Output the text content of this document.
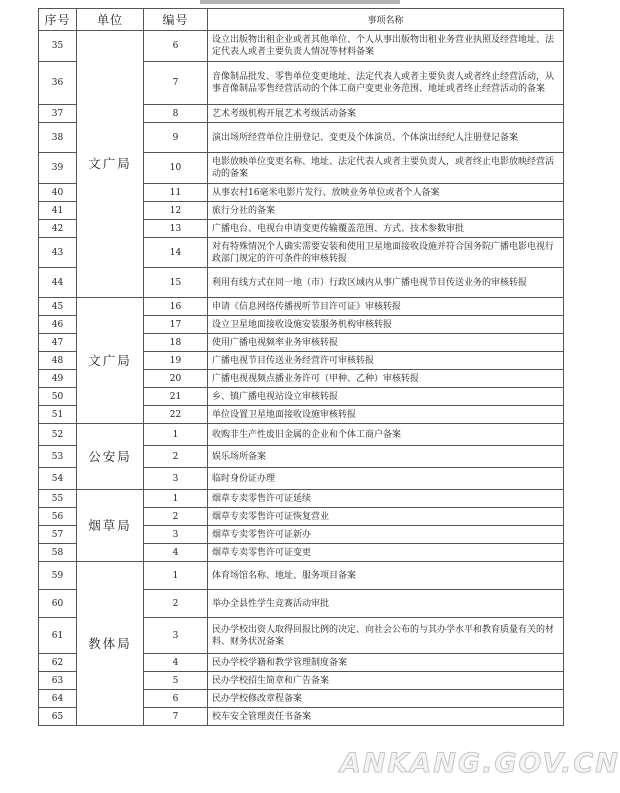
序号	单位	编号	事项名称
35	文广局	6	设立出版物出租企业或者其他单位、个人从事出版物出租业务营业执照及经营地址、法定代表人或者主要负责人情况等材料备案
36		7	音像制品批发、零售单位变更地址、法定代表人或者主要负责人或者终止经营活动，从事音像制品零售经营活动的个体工商户变更业务范围、地址或者终止经营活动的备案
37		8	艺术考级机构开展艺术考级活动备案
38		9	演出场所经营单位注册登记、变更及个体演员、个体演出经纪人注册登记备案
39		10	电影放映单位变更名称、地址、法定代表人或者主要负责人，或者终止电影放映经营活动的备案
40		11	从事农村16毫米电影片发行、放映业务单位或者个人备案
41		12	旅行分社的备案
42		13	广播电台、电视台申请变更传输覆盖范围、方式、技术参数审批
43		14	对有特殊情况个人确实需要安装和使用卫星地面接收设施并符合国务院广播电影电视行政部门规定的许可条件的审核转报
44		15	利用有线方式在同一地（市）行政区域内从事广播电视节目传送业务的审核转报
45	文广局	16	申请《信息网络传播视听节目许可证》审核转报
46		17	设立卫星地面接收设施安装服务机构审核转报
47		18	使用广播电视频率业务审核转报
48		19	广播电视节目传送业务经营许可审核转报
49		20	广播电视视频点播业务许可（甲种、乙种）审核转报
50		21	乡、镇广播电视站设立审核转报
51		22	单位设置卫星地面接收设施审核转报
52	公安局	1	收购非生产性废旧金属的企业和个体工商户备案
53		2	娱乐场所备案
54		3	临时身份证办理
55	烟草局	1	烟草专卖零售许可证延续
56		2	烟草专卖零售许可证恢复营业
57		3	烟草专卖零售许可证新办
58		4	烟草专卖零售许可证变更
59	教体局	1	体育场馆名称、地址、服务项目备案
60		2	举办全县性学生竞赛活动审批
61		3	民办学校出资人取得回报比例的决定、向社会公布的与其办学水平和教育质量有关的材料、财务状况备案
62		4	民办学校学籍和教学管理制度备案
63		5	民办学校招生简章和广告备案
64		6	民办学校修改章程备案
65		7	校车安全管理责任书备案
ANKANG.GOV.CN
